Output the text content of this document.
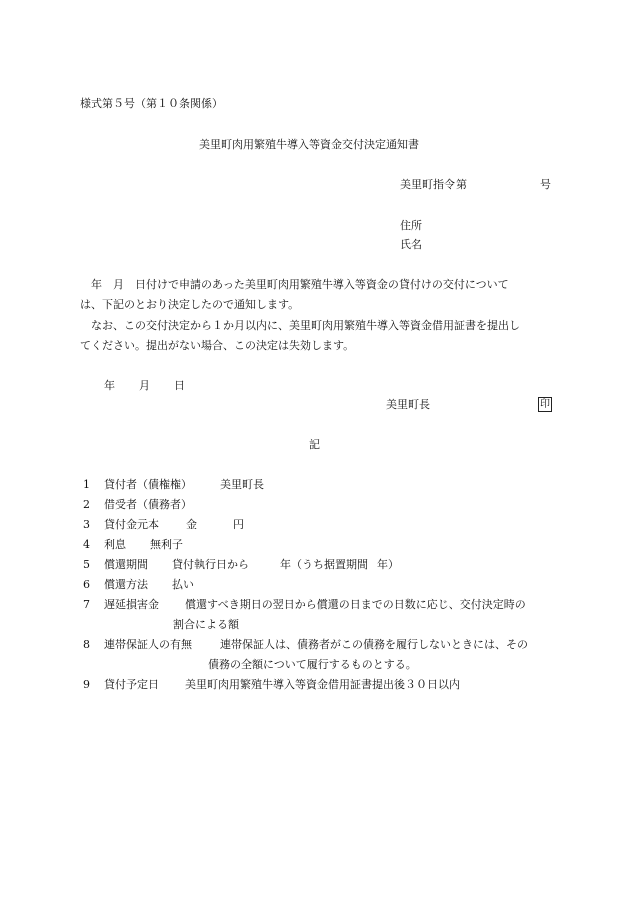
様式第５号（第１０条関係）
美里町肉用繁殖牛導入等資金交付決定通知書
美里町指令 第	号
住所
氏名
　年　月　日付けで申請のあった美里町肉用繁殖牛導入等資金の貸付けの交付について
は、下記のとおり決定したので通知します。
　なお、この交付決定から１か月以内に、美里町肉用繁殖牛導入等資金借用証書を提出し
てください。提出がない場合、この決定は失効します。
年 月 日
美里町長	印
記
1 貸付者（債権権）	美里町長
2 借受者（債務者）
3 貸付金元本 金	円
4 利息 無利子
5 償還期間 貸付執行日から	年（うち据置期間 年）
6 償還方法 払い
7 遅延損害金 償還すべき期日の翌日から償還の日までの日数に応じ、交付決定時の
割合による額
8 連帯保証人の有無	連帯保証人は、債務者がこの債務を履行しないときには、その
債務の全額について履行するものとする。
9 貸付予定日 美里町肉用繁殖牛導入等資金借用証書提出後３０日以内
